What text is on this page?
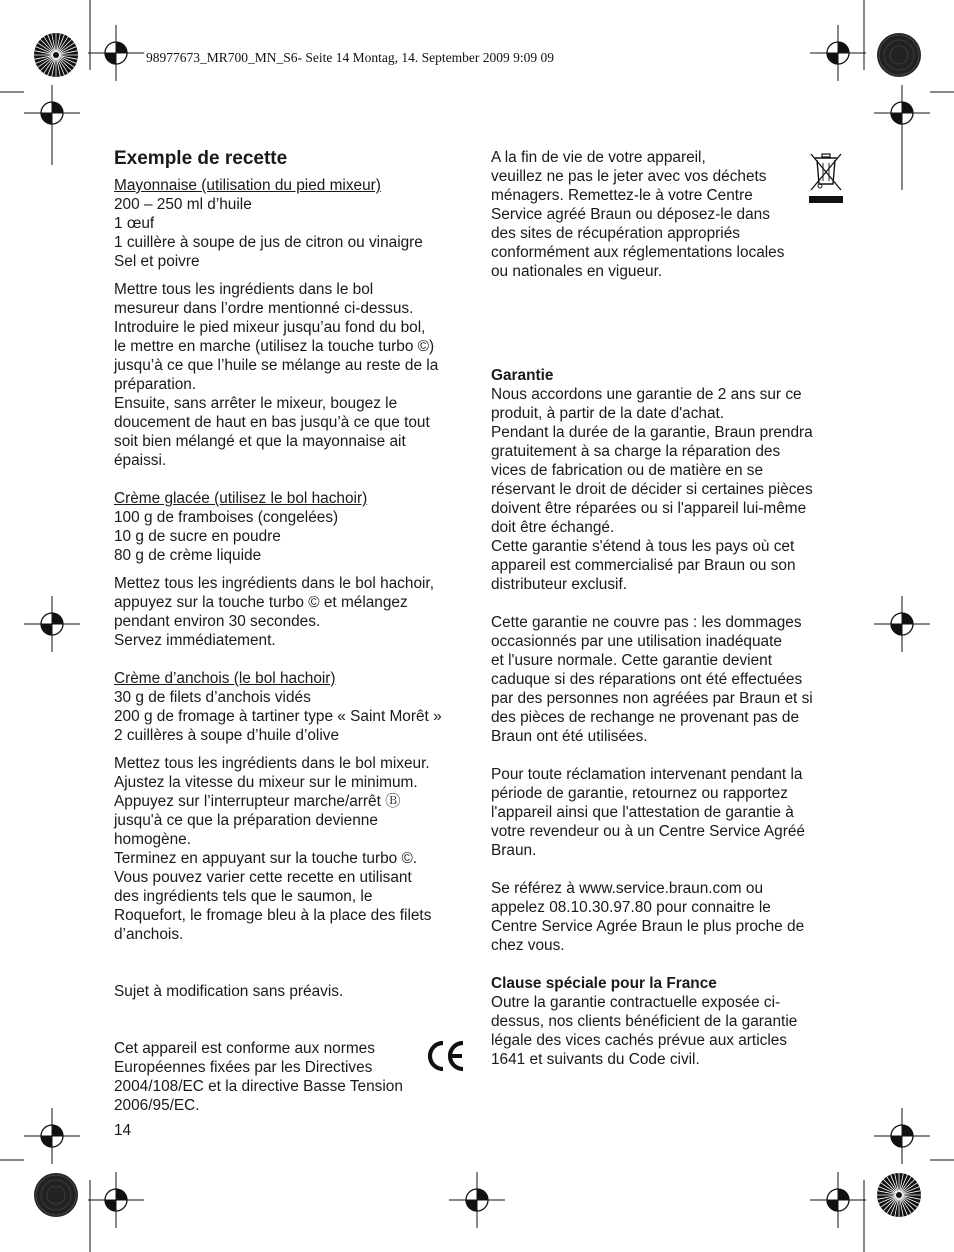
98977673_MR700_MN_S6- Seite 14 Montag, 14. September 2009 9:09 09
Exemple de recette
Mayonnaise (utilisation du pied mixeur)
200 – 250 ml d’huile
1 œuf
1 cuillère à soupe de jus de citron ou vinaigre
Sel et poivre
Mettre tous les ingrédients dans le bol
mesureur dans l’ordre mentionné ci-dessus.
Introduire le pied mixeur jusqu’au fond du bol,
le mettre en marche (utilisez la touche turbo ©)
jusqu’à ce que l’huile se mélange au reste de la
préparation.
Ensuite, sans arrêter le mixeur, bougez le
doucement de haut en bas jusqu’à ce que tout
soit bien mélangé et que la mayonnaise ait
épaissi.
Crème glacée (utilisez le bol hachoir)
100 g de framboises (congelées)
10 g de sucre en poudre
80 g de crème liquide
Mettez tous les ingrédients dans le bol hachoir,
appuyez sur la touche turbo © et mélangez
pendant environ 30 secondes.
Servez immédiatement.
Crème d’anchois (le bol hachoir)
30 g de filets d’anchois vidés
200 g de fromage à tartiner type « Saint Morêt »
2 cuillères à soupe d’huile d’olive
Mettez tous les ingrédients dans le bol mixeur.
Ajustez la vitesse du mixeur sur le minimum.
Appuyez sur l’interrupteur marche/arrêt Ⓑ
jusqu'à ce que la préparation devienne
homogène.
Terminez en appuyant sur la touche turbo ©.
Vous pouvez varier cette recette en utilisant
des ingrédients tels que le saumon, le
Roquefort, le fromage bleu à la place des filets
d’anchois.
Sujet à modification sans préavis.
Cet appareil est conforme aux normes
Européennes fixées par les Directives
2004/108/EC et la directive Basse Tension
2006/95/EC.
A la fin de vie de votre appareil,
veuillez ne pas le jeter avec vos déchets
ménagers. Remettez-le à votre Centre
Service agréé Braun ou déposez-le dans
des sites de récupération appropriés
conformément aux réglementations locales
ou nationales en vigueur.
Garantie
Nous accordons une garantie de 2 ans sur ce
produit, à partir de la date d'achat.
Pendant la durée de la garantie, Braun prendra
gratuitement à sa charge la réparation des
vices de fabrication ou de matière en se
réservant le droit de décider si certaines pièces
doivent être réparées ou si l'appareil lui-même
doit être échangé.
Cette garantie s'étend à tous les pays où cet
appareil est commercialisé par Braun ou son
distributeur exclusif.
Cette garantie ne couvre pas : les dommages
occasionnés par une utilisation inadéquate
et l'usure normale. Cette garantie devient
caduque si des réparations ont été effectuées
par des personnes non agréées par Braun et si
des pièces de rechange ne provenant pas de
Braun ont été utilisées.
Pour toute réclamation intervenant pendant la
période de garantie, retournez ou rapportez
l'appareil ainsi que l'attestation de garantie à
votre revendeur ou à un Centre Service Agréé
Braun.
Se référez à www.service.braun.com ou
appelez 08.10.30.97.80 pour connaitre le
Centre Service Agrée Braun le plus proche de
chez vous.
Clause spéciale pour la France
Outre la garantie contractuelle exposée ci-
dessus, nos clients bénéficient de la garantie
légale des vices cachés prévue aux articles
1641 et suivants du Code civil.
14
